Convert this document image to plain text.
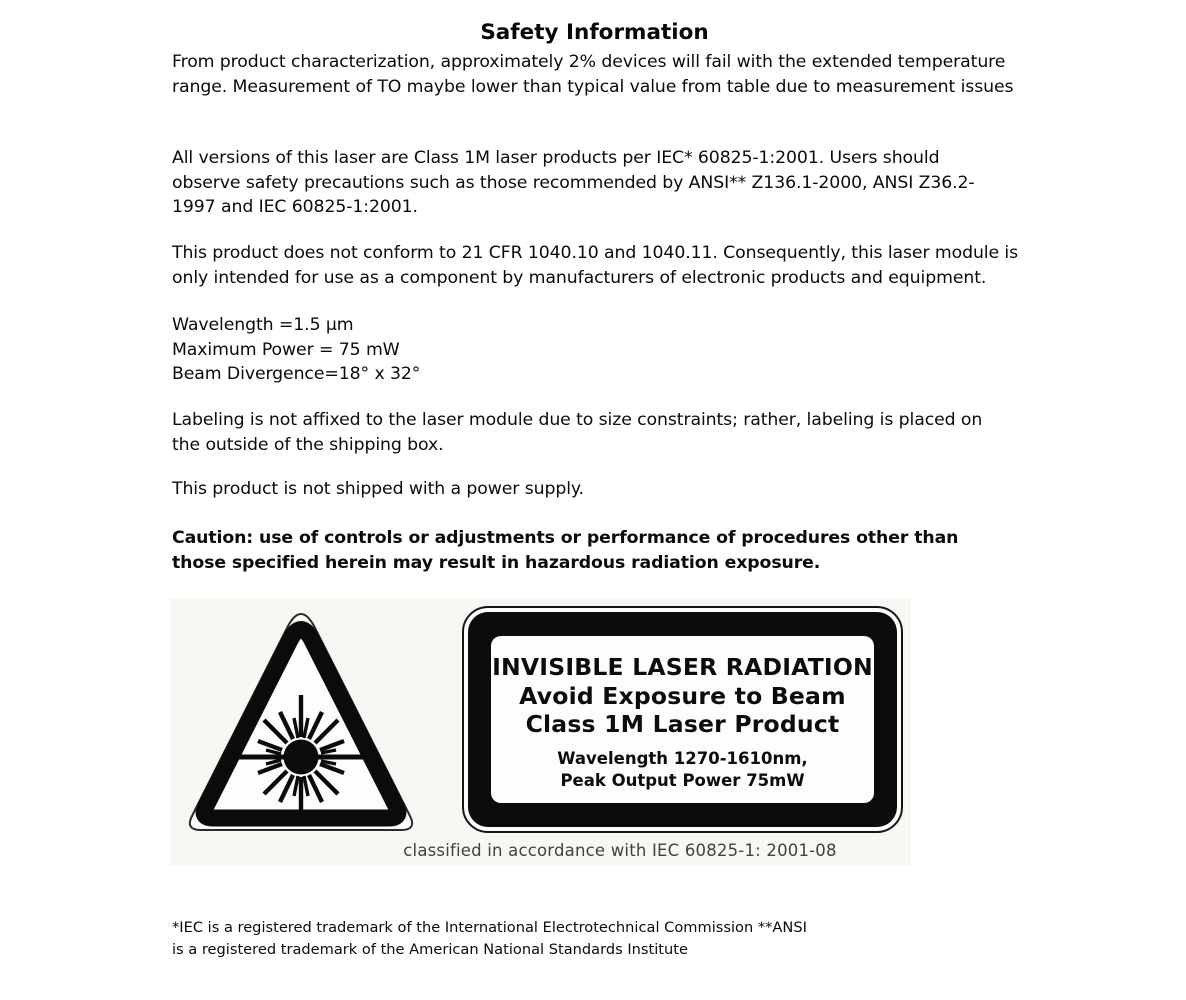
Safety Information
From product characterization, approximately 2% devices will fail with the extended temperature
range. Measurement of TO maybe lower than typical value from table due to measurement issues
All versions of this laser are Class 1M laser products per IEC* 60825-1:2001. Users should
observe safety precautions such as those recommended by ANSI** Z136.1-2000, ANSI Z36.2-
1997 and IEC 60825-1:2001.
This product does not conform to 21 CFR 1040.10 and 1040.11. Consequently, this laser module is
only intended for use as a component by manufacturers of electronic products and equipment.
Wavelength =1.5 µm
Maximum Power = 75 mW
Beam Divergence=18° x 32°
Labeling is not affixed to the laser module due to size constraints; rather, labeling is placed on
the outside of the shipping box.
This product is not shipped with a power supply.
Caution: use of controls or adjustments or performance of procedures other than
those specified herein may result in hazardous radiation exposure.
INVISIBLE LASER RADIATION
Avoid Exposure to Beam
Class 1M Laser Product
Wavelength 1270-1610nm,
Peak Output Power 75mW
classified in accordance with IEC 60825-1: 2001-08
*IEC is a registered trademark of the International Electrotechnical Commission **ANSI
is a registered trademark of the American National Standards Institute
